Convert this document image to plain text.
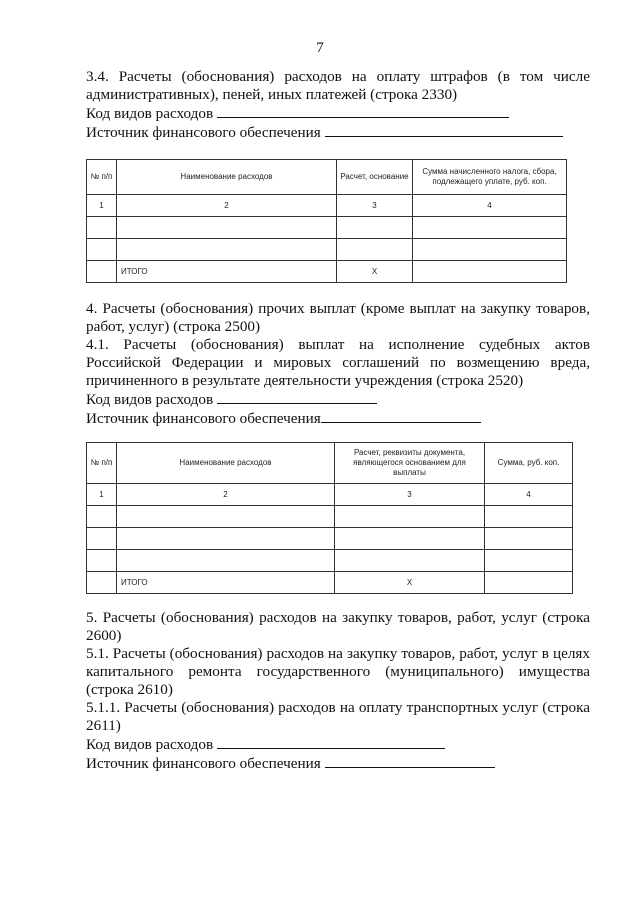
7

3.4. Расчеты (обоснования) расходов на оплату штрафов (в том числе административных), пеней, иных платежей (строка 2330)

Код видов расходов

Источник финансового обеспечения

№ п/п	Наименование расходов	Расчет, основание	Сумма начисленного налога, сбора, подлежащего уплате, руб. коп.
1	2	3	4

	ИТОГО	Х	

4. Расчеты (обоснования) прочих выплат (кроме выплат на закупку товаров, работ, услуг) (строка 2500)

4.1. Расчеты (обоснования) выплат на исполнение судебных актов Российской Федерации и мировых соглашений по возмещению вреда, причиненного в результате деятельности учреждения (строка 2520)

Код видов расходов

Источник финансового обеспечения

№ п/п	Наименование расходов	Расчет, реквизиты документа, являющегося основанием для выплаты	Сумма, руб. коп.
1	2	3	4

	ИТОГО	Х	

5. Расчеты (обоснования) расходов на закупку товаров, работ, услуг (строка 2600)

5.1. Расчеты (обоснования) расходов на закупку товаров, работ, услуг в целях капитального ремонта государственного (муниципального) имущества (строка 2610)

5.1.1. Расчеты (обоснования) расходов на оплату транспортных услуг (строка 2611)

Код видов расходов

Источник финансового обеспечения
